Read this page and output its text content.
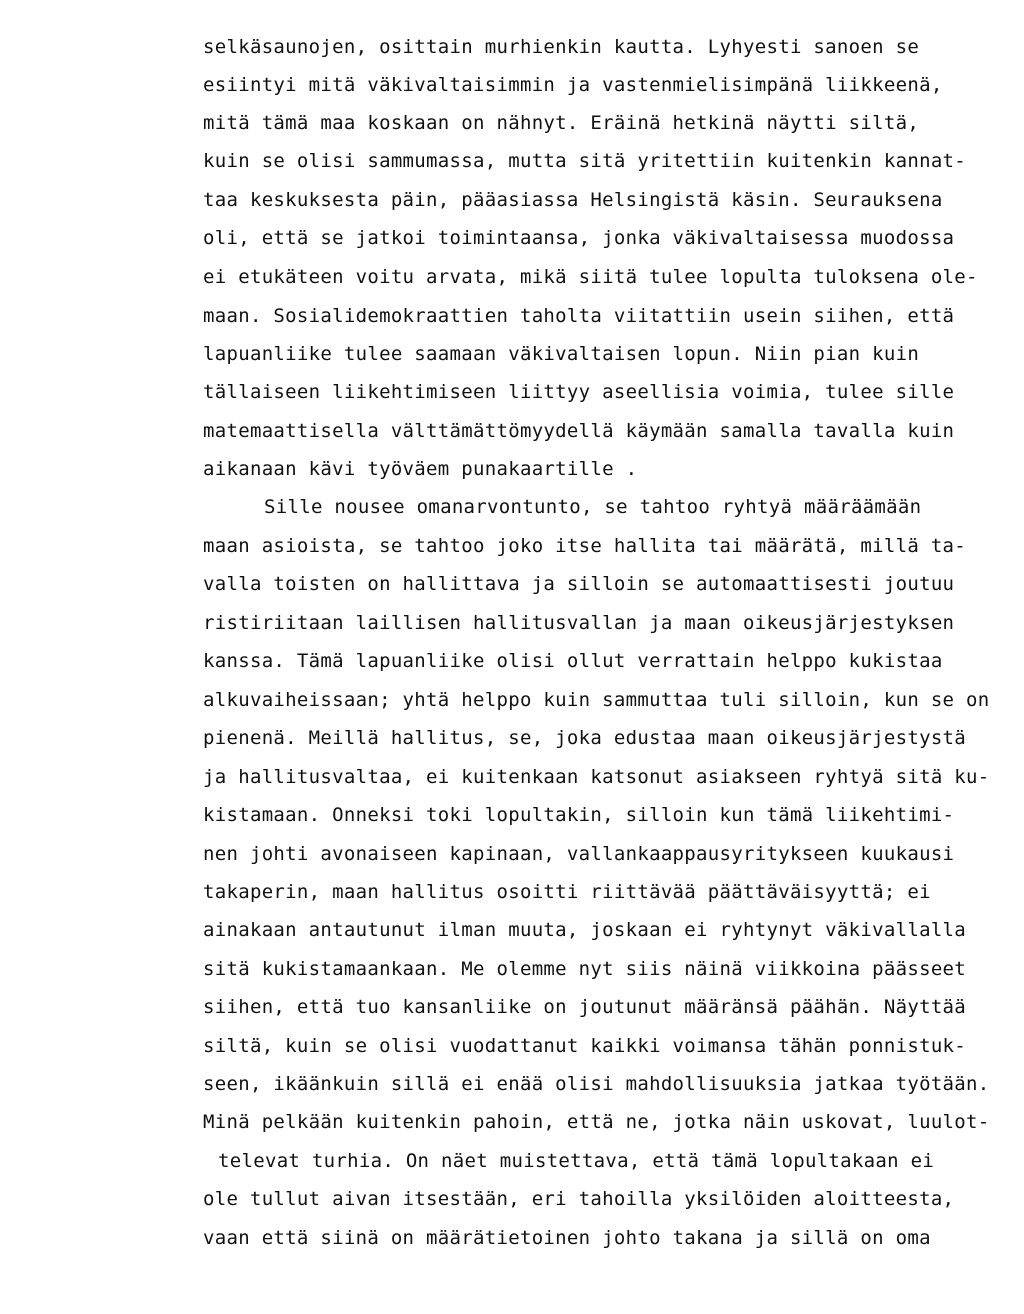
selkäsaunojen, osittain murhienkin kautta. Lyhyesti sanoen se
esiintyi mitä väkivaltaisimmin ja vastenmielisimpänä liikkeenä,
mitä tämä maa koskaan on nähnyt. Eräinä hetkinä näytti siltä,
kuin se olisi sammumassa, mutta sitä yritettiin kuitenkin kannat-
taa keskuksesta päin, pääasiassa Helsingistä käsin. Seurauksena
oli, että se jatkoi toimintaansa, jonka väkivaltaisessa muodossa
ei etukäteen voitu arvata, mikä siitä tulee lopulta tuloksena ole-
maan. Sosialidemokraattien taholta viitattiin usein siihen, että
lapuanliike tulee saamaan väkivaltaisen lopun. Niin pian kuin
tällaiseen liikehtimiseen liittyy aseellisia voimia, tulee sille
matemaattisella välttämättömyydellä käymään samalla tavalla kuin
aikanaan kävi työväem punakaartille .
Sille nousee omanarvontunto, se tahtoo ryhtyä määräämään
maan asioista, se tahtoo joko itse hallita tai määrätä, millä ta-
valla toisten on hallittava ja silloin se automaattisesti joutuu
ristiriitaan laillisen hallitusvallan ja maan oikeusjärjestyksen
kanssa. Tämä lapuanliike olisi ollut verrattain helppo kukistaa
alkuvaiheissaan; yhtä helppo kuin sammuttaa tuli silloin, kun se on
pienenä. Meillä hallitus, se, joka edustaa maan oikeusjärjestystä
ja hallitusvaltaa, ei kuitenkaan katsonut asiakseen ryhtyä sitä ku-
kistamaan. Onneksi toki lopultakin, silloin kun tämä liikehtimi-
nen johti avonaiseen kapinaan, vallankaappausyritykseen kuukausi
takaperin, maan hallitus osoitti riittävää päättäväisyyttä; ei
ainakaan antautunut ilman muuta, joskaan ei ryhtynyt väkivallalla
sitä kukistamaankaan. Me olemme nyt siis näinä viikkoina päässeet
siihen, että tuo kansanliike on joutunut määränsä päähän. Näyttää
siltä, kuin se olisi vuodattanut kaikki voimansa tähän ponnistuk-
seen, ikäänkuin sillä ei enää olisi mahdollisuuksia jatkaa työtään.
Minä pelkään kuitenkin pahoin, että ne, jotka näin uskovat, luulot-
televat turhia. On näet muistettava, että tämä lopultakaan ei
ole tullut aivan itsestään, eri tahoilla yksilöiden aloitteesta,
vaan että siinä on määrätietoinen johto takana ja sillä on oma
